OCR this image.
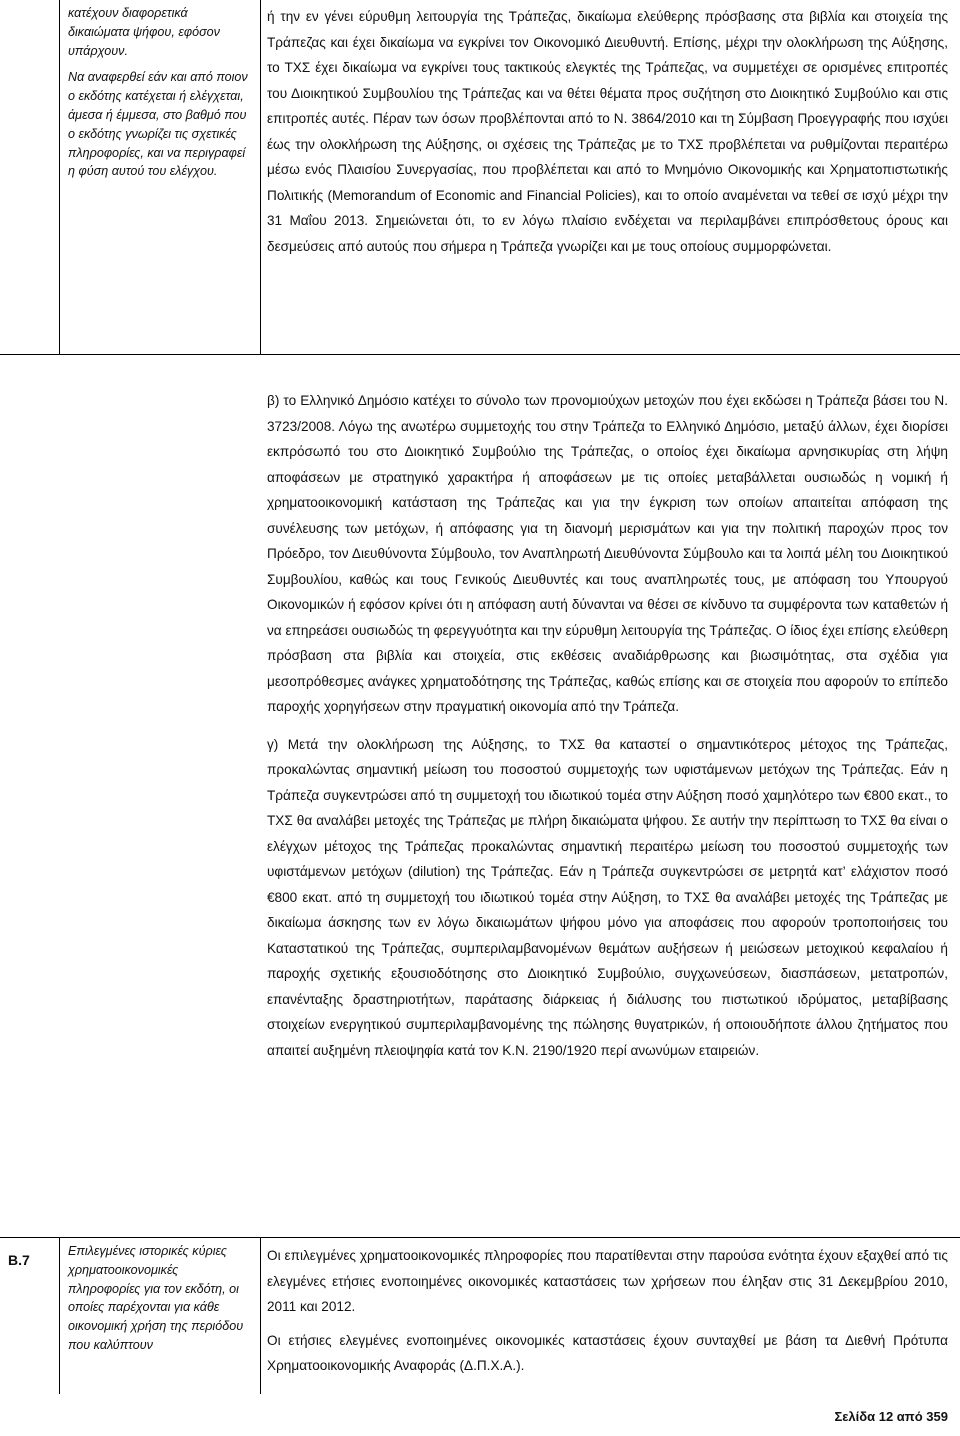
κατέχουν διαφορετικά δικαιώματα ψήφου, εφόσον υπάρχουν.

Να αναφερθεί εάν και από ποιον ο εκδότης κατέχεται ή ελέγχεται, άμεσα ή έμμεσα, στο βαθμό που ο εκδότης γνωρίζει τις σχετικές πληροφορίες, και να περιγραφεί η φύση αυτού του ελέγχου.

ή την εν γένει εύρυθμη λειτουργία της Τράπεζας, δικαίωμα ελεύθερης πρόσβασης στα βιβλία και στοιχεία της Τράπεζας και έχει δικαίωμα να εγκρίνει τον Οικονομικό Διευθυντή. Επίσης, μέχρι την ολοκλήρωση της Αύξησης, το ΤΧΣ έχει δικαίωμα να εγκρίνει τους τακτικούς ελεγκτές της Τράπεζας, να συμμετέχει σε ορισμένες επιτροπές του Διοικητικού Συμβουλίου της Τράπεζας και να θέτει θέματα προς συζήτηση στο Διοικητικό Συμβούλιο και στις επιτροπές αυτές. Πέραν των όσων προβλέπονται από το Ν. 3864/2010 και τη Σύμβαση Προεγγραφής που ισχύει έως την ολοκλήρωση της Αύξησης, οι σχέσεις της Τράπεζας με το ΤΧΣ προβλέπεται να ρυθμίζονται περαιτέρω μέσω ενός Πλαισίου Συνεργασίας, που προβλέπεται και από το Μνημόνιο Οικονομικής και Χρηματοπιστωτικής Πολιτικής (Memorandum of Economic and Financial Policies), και το οποίο αναμένεται να τεθεί σε ισχύ μέχρι την 31 Μαΐου 2013. Σημειώνεται ότι, το εν λόγω πλαίσιο ενδέχεται να περιλαμβάνει επιπρόσθετους όρους και δεσμεύσεις από αυτούς που σήμερα η Τράπεζα γνωρίζει και με τους οποίους συμμορφώνεται.

β) το Ελληνικό Δημόσιο κατέχει το σύνολο των προνομιούχων μετοχών που έχει εκδώσει η Τράπεζα βάσει του Ν. 3723/2008. Λόγω της ανωτέρω συμμετοχής του στην Τράπεζα το Ελληνικό Δημόσιο, μεταξύ άλλων, έχει διορίσει εκπρόσωπό του στο Διοικητικό Συμβούλιο της Τράπεζας, ο οποίος έχει δικαίωμα αρνησικυρίας στη λήψη αποφάσεων με στρατηγικό χαρακτήρα ή αποφάσεων με τις οποίες μεταβάλλεται ουσιωδώς η νομική ή χρηματοοικονομική κατάσταση της Τράπεζας και για την έγκριση των οποίων απαιτείται απόφαση της συνέλευσης των μετόχων, ή απόφασης για τη διανομή μερισμάτων και για την πολιτική παροχών προς τον Πρόεδρο, τον Διευθύνοντα Σύμβουλο, τον Αναπληρωτή Διευθύνοντα Σύμβουλο και τα λοιπά μέλη του Διοικητικού Συμβουλίου, καθώς και τους Γενικούς Διευθυντές και τους αναπληρωτές τους, με απόφαση του Υπουργού Οικονομικών ή εφόσον κρίνει ότι η απόφαση αυτή δύνανται να θέσει σε κίνδυνο τα συμφέροντα των καταθετών ή να επηρεάσει ουσιωδώς τη φερεγγυότητα και την εύρυθμη λειτουργία της Τράπεζας. Ο ίδιος έχει επίσης ελεύθερη πρόσβαση στα βιβλία και στοιχεία, στις εκθέσεις αναδιάρθρωσης και βιωσιμότητας, στα σχέδια για μεσοπρόθεσμες ανάγκες χρηματοδότησης της Τράπεζας, καθώς επίσης και σε στοιχεία που αφορούν το επίπεδο παροχής χορηγήσεων στην πραγματική οικονομία από την Τράπεζα.

γ) Μετά την ολοκλήρωση της Αύξησης, το ΤΧΣ θα καταστεί ο σημαντικότερος μέτοχος της Τράπεζας, προκαλώντας σημαντική μείωση του ποσοστού συμμετοχής των υφιστάμενων μετόχων της Τράπεζας. Εάν η Τράπεζα συγκεντρώσει από τη συμμετοχή του ιδιωτικού τομέα στην Αύξηση ποσό χαμηλότερο των €800 εκατ., το ΤΧΣ θα αναλάβει μετοχές της Τράπεζας με πλήρη δικαιώματα ψήφου. Σε αυτήν την περίπτωση το ΤΧΣ θα είναι ο ελέγχων μέτοχος της Τράπεζας προκαλώντας σημαντική περαιτέρω μείωση του ποσοστού συμμετοχής των υφιστάμενων μετόχων (dilution) της Τράπεζας. Εάν η Τράπεζα συγκεντρώσει σε μετρητά κατ’ ελάχιστον ποσό €800 εκατ. από τη συμμετοχή του ιδιωτικού τομέα στην Αύξηση, το ΤΧΣ θα αναλάβει μετοχές της Τράπεζας με δικαίωμα άσκησης των εν λόγω δικαιωμάτων ψήφου μόνο για αποφάσεις που αφορούν τροποποιήσεις του Καταστατικού της Τράπεζας, συμπεριλαμβανομένων θεμάτων αυξήσεων ή μειώσεων μετοχικού κεφαλαίου ή παροχής σχετικής εξουσιοδότησης στο Διοικητικό Συμβούλιο, συγχωνεύσεων, διασπάσεων, μετατροπών, επανένταξης δραστηριοτήτων, παράτασης διάρκειας ή διάλυσης του πιστωτικού ιδρύματος, μεταβίβασης στοιχείων ενεργητικού συμπεριλαμβανομένης της πώλησης θυγατρικών, ή οποιουδήποτε άλλου ζητήματος που απαιτεί αυξημένη πλειοψηφία κατά τον Κ.Ν. 2190/1920 περί ανωνύμων εταιρειών.

B.7

Επιλεγμένες ιστορικές κύριες χρηματοοικονομικές πληροφορίες για τον εκδότη, οι οποίες παρέχονται για κάθε οικονομική χρήση της περιόδου που καλύπτουν

Οι επιλεγμένες χρηματοοικονομικές πληροφορίες που παρατίθενται στην παρούσα ενότητα έχουν εξαχθεί από τις ελεγμένες ετήσιες ενοποιημένες οικονομικές καταστάσεις των χρήσεων που έληξαν στις 31 Δεκεμβρίου 2010, 2011 και 2012.

Οι ετήσιες ελεγμένες ενοποιημένες οικονομικές καταστάσεις έχουν συνταχθεί με βάση τα Διεθνή Πρότυπα Χρηματοοικονομικής Αναφοράς (Δ.Π.Χ.Α.).

Σελίδα 12 από 359
